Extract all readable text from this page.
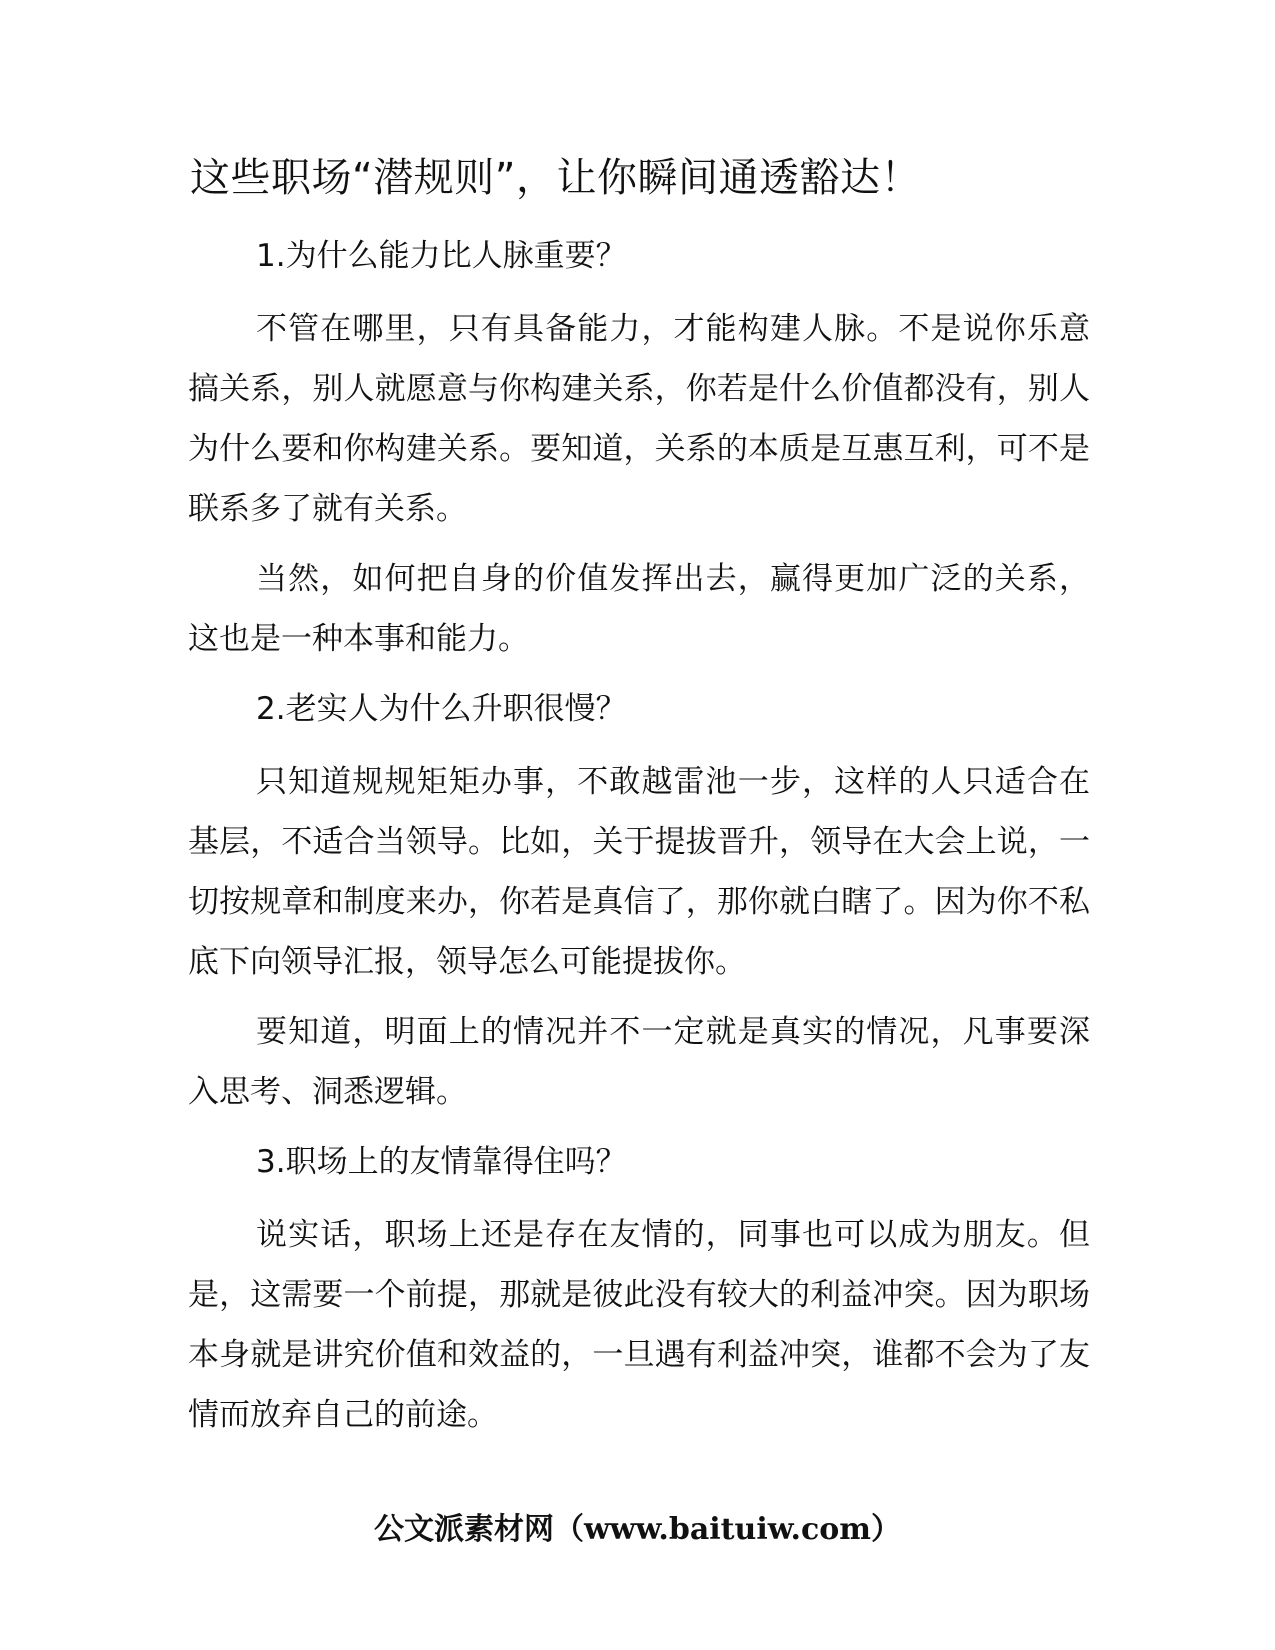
这些职场“潜规则”，让你瞬间通透豁达！
1.为什么能力比人脉重要？

不管在哪里，只有具备能力，才能构建人脉。不是说你乐意搞关系，别人就愿意与你构建关系，你若是什么价值都没有，别人为什么要和你构建关系。要知道，关系的本质是互惠互利，可不是联系多了就有关系。

当然，如何把自身的价值发挥出去，赢得更加广泛的关系，这也是一种本事和能力。

2.老实人为什么升职很慢？

只知道规规矩矩办事，不敢越雷池一步，这样的人只适合在基层，不适合当领导。比如，关于提拔晋升，领导在大会上说，一切按规章和制度来办，你若是真信了，那你就白瞎了。因为你不私底下向领导汇报，领导怎么可能提拔你。

要知道，明面上的情况并不一定就是真实的情况，凡事要深入思考、洞悉逻辑。

3.职场上的友情靠得住吗？

说实话，职场上还是存在友情的，同事也可以成为朋友。但是，这需要一个前提，那就是彼此没有较大的利益冲突。因为职场本身就是讲究价值和效益的，一旦遇有利益冲突，谁都不会为了友情而放弃自己的前途。

公文派素材网（www.baituiw.com）
